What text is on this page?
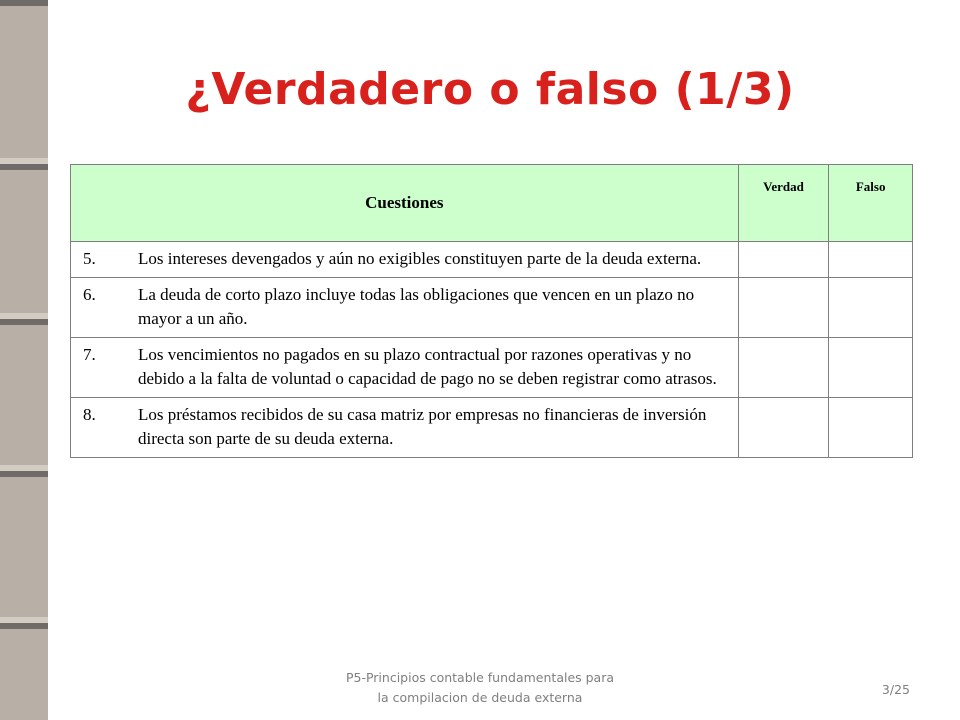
¿Verdadero o falso (1/3)
Cuestiones	Verdad	Falso

5. Los intereses devengados y aún no exigibles constituyen parte de la deuda externa.		

6. La deuda de corto plazo incluye todas las obligaciones que vencen en un plazo no mayor a un año.		

7. Los vencimientos no pagados en su plazo contractual por razones operativas y no debido a la falta de voluntad o capacidad de pago no se deben registrar como atrasos.		

8. Los préstamos recibidos de su casa matriz por empresas no financieras de inversión directa son parte de su deuda externa.		

P5-Principios contable fundamentales para
la compilacion de deuda externa
3/25
